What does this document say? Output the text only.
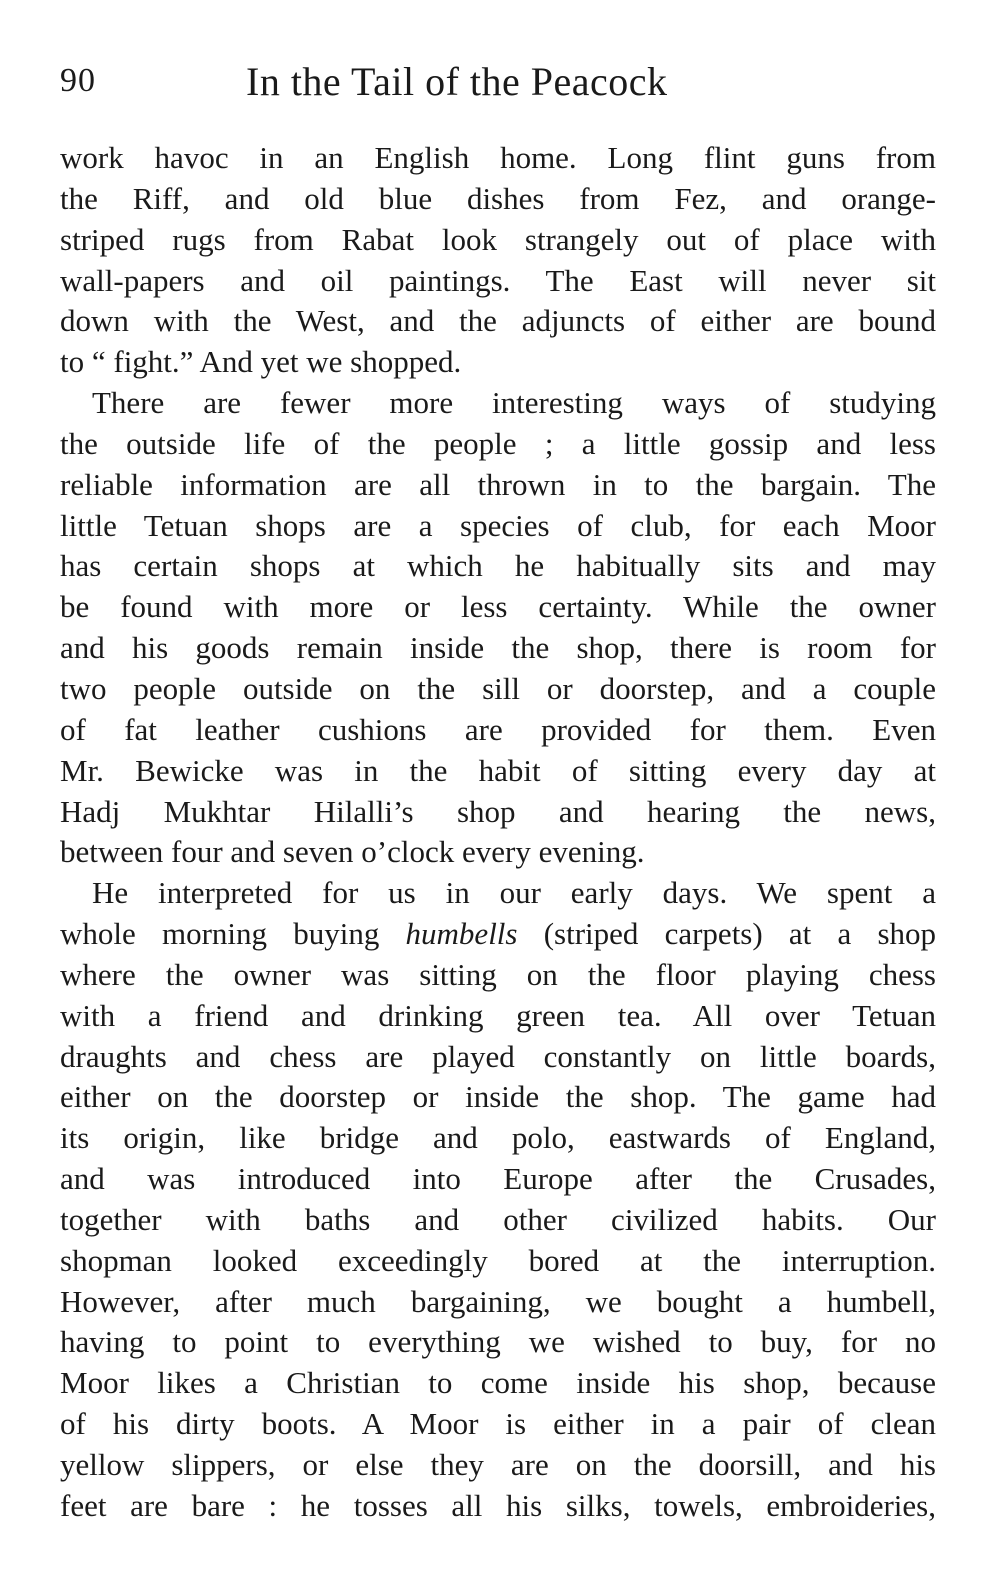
90	In the Tail of the Peacock
work havoc in an English home. Long flint guns from
the Riff, and old blue dishes from Fez, and orange-
striped rugs from Rabat look strangely out of place with
wall-papers and oil paintings. The East will never sit
down with the West, and the adjuncts of either are bound
to “ fight.” And yet we shopped.
There are fewer more interesting ways of studying
the outside life of the people ; a little gossip and less
reliable information are all thrown in to the bargain. The
little Tetuan shops are a species of club, for each Moor
has certain shops at which he habitually sits and may
be found with more or less certainty. While the owner
and his goods remain inside the shop, there is room for
two people outside on the sill or doorstep, and a couple
of fat leather cushions are provided for them. Even
Mr. Bewicke was in the habit of sitting every day at
Hadj Mukhtar Hilalli’s shop and hearing the news,
between four and seven o’clock every evening.
He interpreted for us in our early days. We spent a
whole morning buying humbells (striped carpets) at a shop
where the owner was sitting on the floor playing chess
with a friend and drinking green tea. All over Tetuan
draughts and chess are played constantly on little boards,
either on the doorstep or inside the shop. The game had
its origin, like bridge and polo, eastwards of England,
and was introduced into Europe after the Crusades,
together with baths and other civilized habits. Our
shopman looked exceedingly bored at the interruption.
However, after much bargaining, we bought a humbell,
having to point to everything we wished to buy, for no
Moor likes a Christian to come inside his shop, because
of his dirty boots. A Moor is either in a pair of clean
yellow slippers, or else they are on the doorsill, and his
feet are bare : he tosses all his silks, towels, embroideries,
